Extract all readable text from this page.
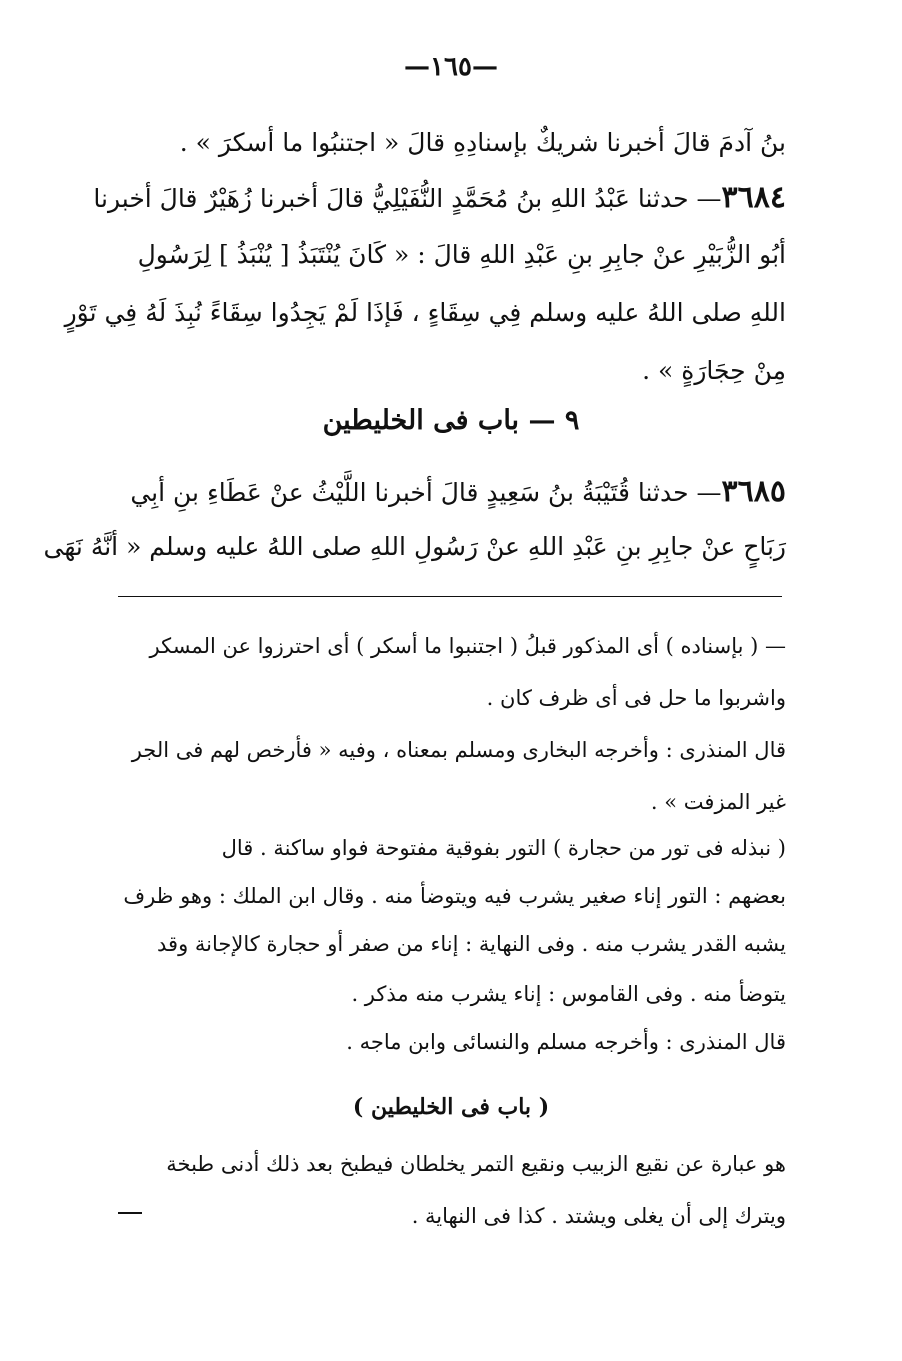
—١٦٥—
بنُ آدمَ قالَ أخبرنا شريكٌ بإسنادِهِ قالَ « اجتنبُوا ما أسكرَ » .
٣٦٨٤— حدثنا عَبْدُ اللهِ بنُ مُحَمَّدٍ النُّفَيْلِيُّ قالَ أخبرنا زُهَيْرٌ قالَ أخبرنا
أبُو الزُّبَيْرِ عنْ جابِرِ بنِ عَبْدِ اللهِ قالَ : « كَانَ يُنْتَبَذُ [ يُنْبَذُ ] لِرَسُولِ
اللهِ صلى اللهُ عليه وسلم فِي سِقَاءٍ ، فَإذَا لَمْ يَجِدُوا سِقَاءً نُبِذَ لَهُ فِي تَوْرٍ
مِنْ حِجَارَةٍ » .
٩ — باب فى الخليطين
٣٦٨٥— حدثنا قُتَيْبَةُ بنُ سَعِيدٍ قالَ أخبرنا اللَّيْثُ عنْ عَطَاءِ بنِ أبِي
رَبَاحٍ عنْ جابِرِ بنِ عَبْدِ اللهِ عنْ رَسُولِ اللهِ صلى اللهُ عليه وسلم « أنَّهُ نَهَى
— ( بإسناده ) أى المذكور قبلُ ( اجتنبوا ما أسكر ) أى احترزوا عن المسكر
واشربوا ما حل فى أى ظرف كان .
قال المنذرى : وأخرجه البخارى ومسلم بمعناه ، وفيه « فأرخص لهم فى الجر
غير المزفت » .
( نبذله فى تور من حجارة ) التور بفوقية مفتوحة فواو ساكنة . قال
بعضهم : التور إناء صغير يشرب فيه ويتوضأ منه . وقال ابن الملك : وهو ظرف
يشبه القدر يشرب منه . وفى النهاية : إناء من صفر أو حجارة كالإجانة وقد
يتوضأ منه . وفى القاموس : إناء يشرب منه مذكر .
قال المنذرى : وأخرجه مسلم والنسائى وابن ماجه .
( باب فى الخليطين )
هو عبارة عن نقيع الزبيب ونقيع التمر يخلطان فيطبخ بعد ذلك أدنى طبخة
ويترك إلى أن يغلى ويشتد . كذا فى النهاية .
